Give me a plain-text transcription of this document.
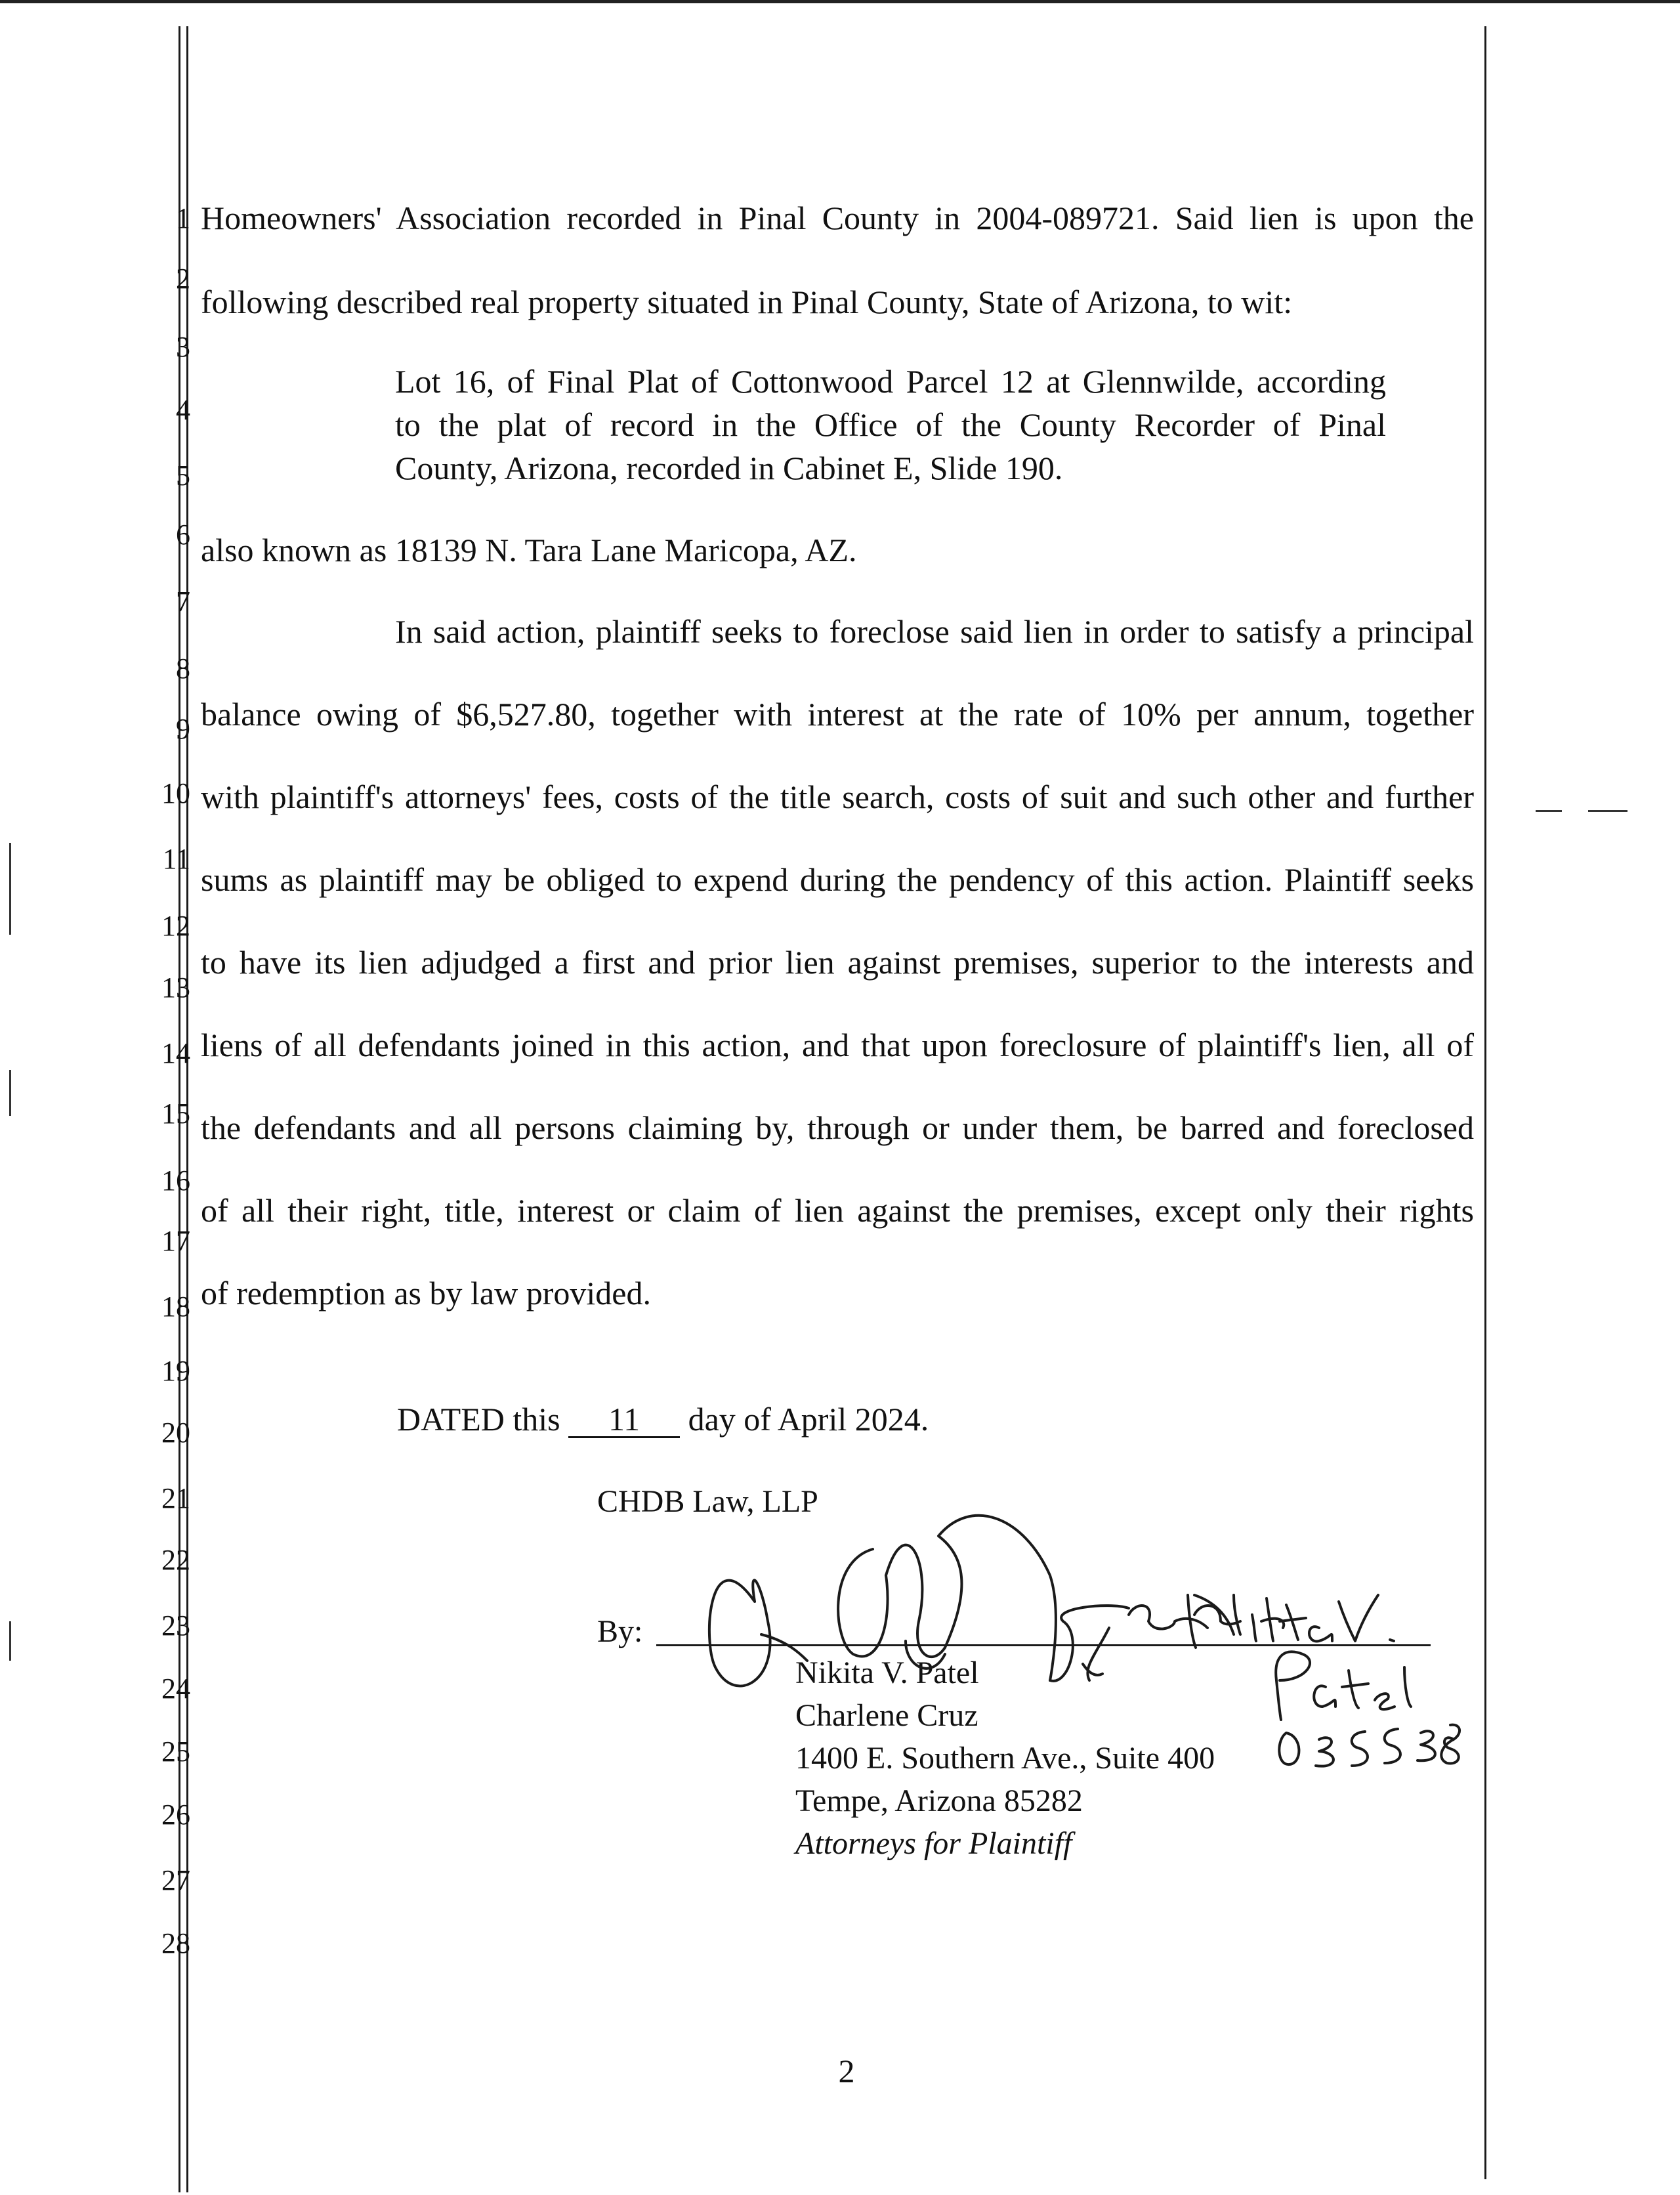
1
2
3
4
5
6
7
8
9
10
11
12
13
14
15
16
17
18
19
20
21
22
23
24
25
26
27
28
Homeowners' Association recorded in Pinal County in 2004-089721. Said lien is upon the
following described real property situated in Pinal County, State of Arizona, to wit:
Lot 16, of Final Plat of Cottonwood Parcel 12 at Glennwilde, according
to the plat of record in the Office of the County Recorder of Pinal
County, Arizona, recorded in Cabinet E, Slide 190.
also known as 18139 N. Tara Lane Maricopa, AZ.
In said action, plaintiff seeks to foreclose said lien in order to satisfy a principal
balance owing of $6,527.80, together with interest at the rate of 10% per annum, together
with plaintiff's attorneys' fees, costs of the title search, costs of suit and such other and further
sums as plaintiff may be obliged to expend during the pendency of this action. Plaintiff seeks
to have its lien adjudged a first and prior lien against premises, superior to the interests and
liens of all defendants joined in this action, and that upon foreclosure of plaintiff's lien, all of
the defendants and all persons claiming by, through or under them, be barred and foreclosed
of all their right, title, interest or claim of lien against the premises, except only their rights
of redemption as by law provided.
DATED this 11 day of April 2024.
CHDB Law, LLP
By:
Nikita V. Patel
Charlene Cruz
1400 E. Southern Ave., Suite 400
Tempe, Arizona 85282
Attorneys for Plaintiff
2
